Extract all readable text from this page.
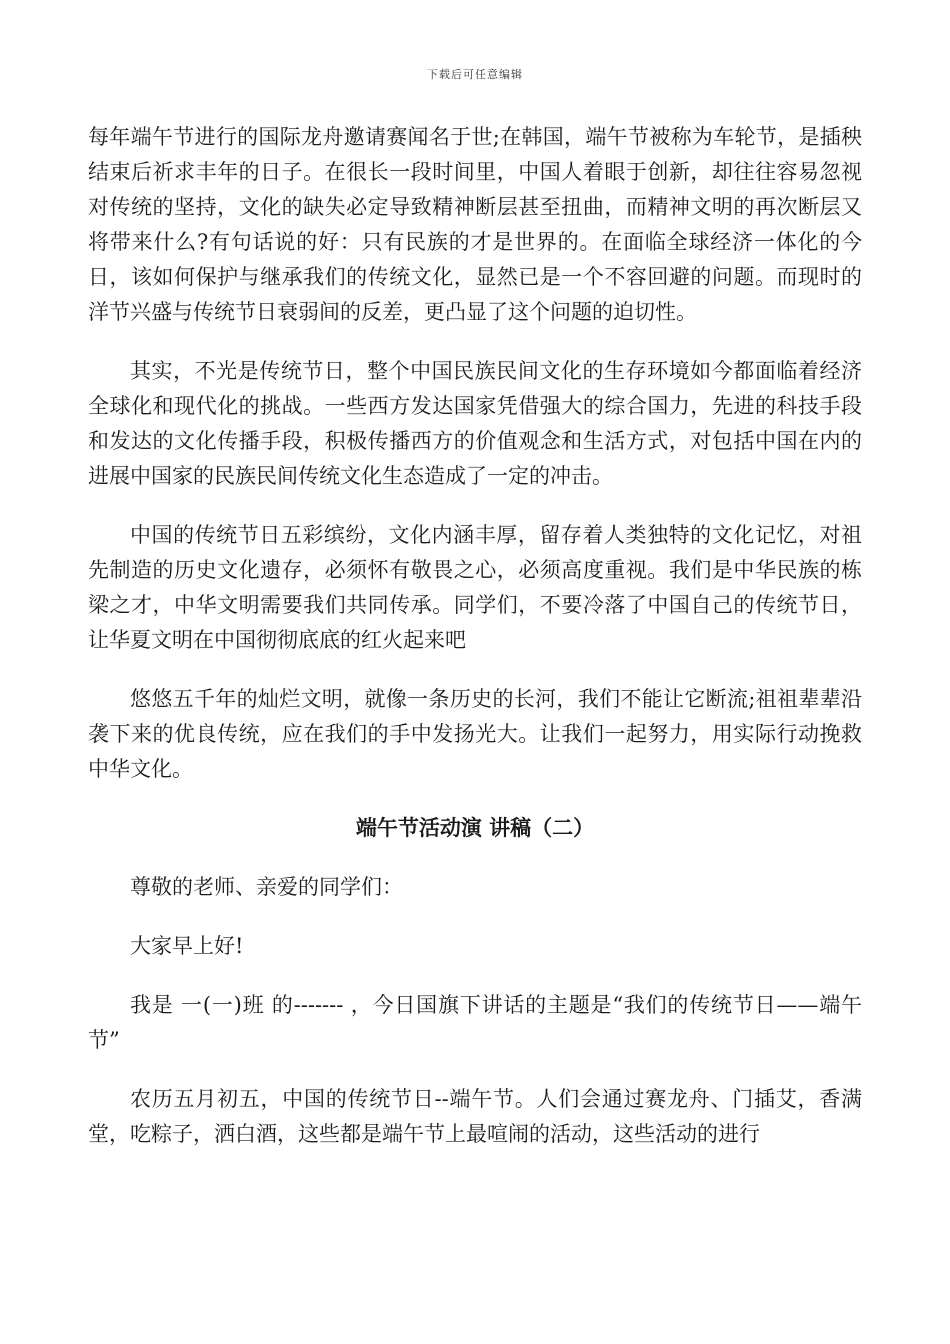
下载后可任意编辑

每年端午节进行的国际龙舟邀请赛闻名于世;在韩国，端午节被称为车轮节，是插秧结束后祈求丰年的日子。在很长一段时间里，中国人着眼于创新，却往往容易忽视对传统的坚持，文化的缺失必定导致精神断层甚至扭曲，而精神文明的再次断层又将带来什么?有句话说的好：只有民族的才是世界的。在面临全球经济一体化的今日，该如何保护与继承我们的传统文化，显然已是一个不容回避的问题。而现时的洋节兴盛与传统节日衰弱间的反差，更凸显了这个问题的迫切性。

其实，不光是传统节日，整个中国民族民间文化的生存环境如今都面临着经济全球化和现代化的挑战。一些西方发达国家凭借强大的综合国力，先进的科技手段和发达的文化传播手段，积极传播西方的价值观念和生活方式，对包括中国在内的进展中国家的民族民间传统文化生态造成了一定的冲击。

中国的传统节日五彩缤纷，文化内涵丰厚，留存着人类独特的文化记忆，对祖先制造的历史文化遗存，必须怀有敬畏之心，必须高度重视。我们是中华民族的栋梁之才，中华文明需要我们共同传承。同学们，不要冷落了中国自己的传统节日，让华夏文明在中国彻彻底底的红火起来吧

悠悠五千年的灿烂文明，就像一条历史的长河，我们不能让它断流;祖祖辈辈沿袭下来的优良传统，应在我们的手中发扬光大。让我们一起努力，用实际行动挽救中华文化。

端午节活动演 讲稿（二）

尊敬的老师、亲爱的同学们：

大家早上好!

我是 一(一)班 的------- ，今日国旗下讲话的主题是“我们的传统节日——端午节”

农历五月初五，中国的传统节日--端午节。人们会通过赛龙舟、门插艾，香满堂，吃粽子，洒白酒，这些都是端午节上最喧闹的活动，这些活动的进行
